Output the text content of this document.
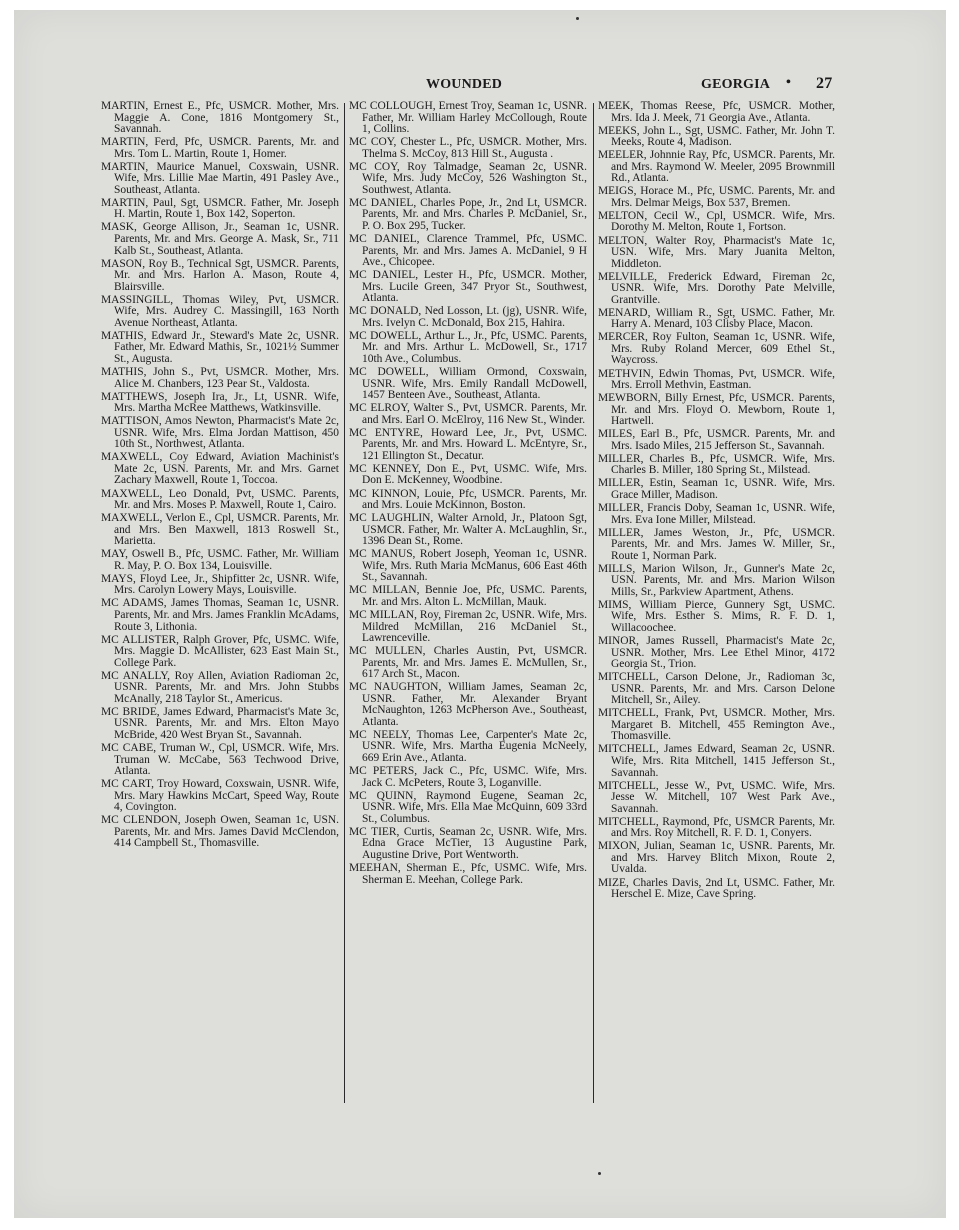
WOUNDED	GEORGIA • 27

MARTIN, Ernest E., Pfc, USMCR. Mother, Mrs. Maggie A. Cone, 1816 Montgomery St., Savannah.

MARTIN, Ferd, Pfc, USMCR. Parents, Mr. and Mrs. Tom L. Martin, Route 1, Homer.

MARTIN, Maurice Manuel, Coxswain, USNR. Wife, Mrs. Lillie Mae Martin, 491 Pasley Ave., Southeast, Atlanta.

MARTIN, Paul, Sgt, USMCR. Father, Mr. Joseph H. Martin, Route 1, Box 142, Soperton.

MASK, George Allison, Jr., Seaman 1c, USNR. Parents, Mr. and Mrs. George A. Mask, Sr., 711 Kalb St., Southeast, Atlanta.

MASON, Roy B., Technical Sgt, USMCR. Parents, Mr. and Mrs. Harlon A. Mason, Route 4, Blairsville.

MASSINGILL, Thomas Wiley, Pvt, USMCR. Wife, Mrs. Audrey C. Massingill, 163 North Avenue Northeast, Atlanta.

MATHIS, Edward Jr., Steward's Mate 2c, USNR. Father, Mr. Edward Mathis, Sr., 1021½ Summer St., Augusta.

MATHIS, John S., Pvt, USMCR. Mother, Mrs. Alice M. Chanbers, 123 Pear St., Valdosta.

MATTHEWS, Joseph Ira, Jr., Lt, USNR. Wife, Mrs. Martha McRee Matthews, Watkinsville.

MATTISON, Amos Newton, Pharmacist's Mate 2c, USNR. Wife, Mrs. Elma Jordan Mattison, 450 10th St., Northwest, Atlanta.

MAXWELL, Coy Edward, Aviation Machinist's Mate 2c, USN. Parents, Mr. and Mrs. Garnet Zachary Maxwell, Route 1, Toccoa.

MAXWELL, Leo Donald, Pvt, USMC. Parents, Mr. and Mrs. Moses P. Maxwell, Route 1, Cairo.

MAXWELL, Verlon E., Cpl, USMCR. Parents, Mr. and Mrs. Ben Maxwell, 1813 Roswell St., Marietta.

MAY, Oswell B., Pfc, USMC. Father, Mr. William R. May, P. O. Box 134, Louisville.

MAYS, Floyd Lee, Jr., Shipfitter 2c, USNR. Wife, Mrs. Carolyn Lowery Mays, Louisville.

MC ADAMS, James Thomas, Seaman 1c, USNR. Parents, Mr. and Mrs. James Franklin McAdams, Route 3, Lithonia.

MC ALLISTER, Ralph Grover, Pfc, USMC. Wife, Mrs. Maggie D. McAllister, 623 East Main St., College Park.

MC ANALLY, Roy Allen, Aviation Radioman 2c, USNR. Parents, Mr. and Mrs. John Stubbs McAnally, 218 Taylor St., Americus.

MC BRIDE, James Edward, Pharmacist's Mate 3c, USNR. Parents, Mr. and Mrs. Elton Mayo McBride, 420 West Bryan St., Savannah.

MC CABE, Truman W., Cpl, USMCR. Wife, Mrs. Truman W. McCabe, 563 Techwood Drive, Atlanta.

MC CART, Troy Howard, Coxswain, USNR. Wife, Mrs. Mary Hawkins McCart, Speed Way, Route 4, Covington.

MC CLENDON, Joseph Owen, Seaman 1c, USN. Parents, Mr. and Mrs. James David McClendon, 414 Campbell St., Thomasville.

MC COLLOUGH, Ernest Troy, Seaman 1c, USNR. Father, Mr. William Harley McCollough, Route 1, Collins.

MC COY, Chester L., Pfc, USMCR. Mother, Mrs. Thelma S. McCoy, 813 Hill St., Augusta .

MC COY, Roy Talmadge, Seaman 2c, USNR. Wife, Mrs. Judy McCoy, 526 Washington St., Southwest, Atlanta.

MC DANIEL, Charles Pope, Jr., 2nd Lt, USMCR. Parents, Mr. and Mrs. Charles P. McDaniel, Sr., P. O. Box 295, Tucker.

MC DANIEL, Clarence Trammel, Pfc, USMC. Parents, Mr. and Mrs. James A. McDaniel, 9 H Ave., Chicopee.

MC DANIEL, Lester H., Pfc, USMCR. Mother, Mrs. Lucile Green, 347 Pryor St., Southwest, Atlanta.

MC DONALD, Ned Losson, Lt. (jg), USNR. Wife, Mrs. Ivelyn C. McDonald, Box 215, Hahira.

MC DOWELL, Arthur L., Jr., Pfc, USMC. Parents, Mr. and Mrs. Arthur L. McDowell, Sr., 1717 10th Ave., Columbus.

MC DOWELL, William Ormond, Coxswain, USNR. Wife, Mrs. Emily Randall McDowell, 1457 Benteen Ave., Southeast, Atlanta.

MC ELROY, Walter S., Pvt, USMCR. Parents, Mr. and Mrs. Earl O. McElroy, 116 New St., Winder.

MC ENTYRE, Howard Lee, Jr., Pvt, USMC. Parents, Mr. and Mrs. Howard L. McEntyre, Sr., 121 Ellington St., Decatur.

MC KENNEY, Don E., Pvt, USMC. Wife, Mrs. Don E. McKenney, Woodbine.

MC KINNON, Louie, Pfc, USMCR. Parents, Mr. and Mrs. Louie McKinnon, Boston.

MC LAUGHLIN, Walter Arnold, Jr., Platoon Sgt, USMCR. Father, Mr. Walter A. McLaughlin, Sr., 1396 Dean St., Rome.

MC MANUS, Robert Joseph, Yeoman 1c, USNR. Wife, Mrs. Ruth Maria McManus, 606 East 46th St., Savannah.

MC MILLAN, Bennie Joe, Pfc, USMC. Parents, Mr. and Mrs. Alton L. McMillan, Mauk.

MC MILLAN, Roy, Fireman 2c, USNR. Wife, Mrs. Mildred McMillan, 216 McDaniel St., Lawrenceville.

MC MULLEN, Charles Austin, Pvt, USMCR. Parents, Mr. and Mrs. James E. McMullen, Sr., 617 Arch St., Macon.

MC NAUGHTON, William James, Seaman 2c, USNR. Father, Mr. Alexander Bryant McNaughton, 1263 McPherson Ave., Southeast, Atlanta.

MC NEELY, Thomas Lee, Carpenter's Mate 2c, USNR. Wife, Mrs. Martha Eugenia McNeely, 669 Erin Ave., Atlanta.

MC PETERS, Jack C., Pfc, USMC. Wife, Mrs. Jack C. McPeters, Route 3, Loganville.

MC QUINN, Raymond Eugene, Seaman 2c, USNR. Wife, Mrs. Ella Mae McQuinn, 609 33rd St., Columbus.

MC TIER, Curtis, Seaman 2c, USNR. Wife, Mrs. Edna Grace McTier, 13 Augustine Park, Augustine Drive, Port Wentworth.

MEEHAN, Sherman E., Pfc, USMC. Wife, Mrs. Sherman E. Meehan, College Park.

MEEK, Thomas Reese, Pfc, USMCR. Mother, Mrs. Ida J. Meek, 71 Georgia Ave., Atlanta.

MEEKS, John L., Sgt, USMC. Father, Mr. John T. Meeks, Route 4, Madison.

MEELER, Johnnie Ray, Pfc, USMCR. Parents, Mr. and Mrs. Raymond W. Meeler, 2095 Brownmill Rd., Atlanta.

MEIGS, Horace M., Pfc, USMC. Parents, Mr. and Mrs. Delmar Meigs, Box 537, Bremen.

MELTON, Cecil W., Cpl, USMCR. Wife, Mrs. Dorothy M. Melton, Route 1, Fortson.

MELTON, Walter Roy, Pharmacist's Mate 1c, USN. Wife, Mrs. Mary Juanita Melton, Middleton.

MELVILLE, Frederick Edward, Fireman 2c, USNR. Wife, Mrs. Dorothy Pate Melville, Grantville.

MENARD, William R., Sgt, USMC. Father, Mr. Harry A. Menard, 103 Clisby Place, Macon.

MERCER, Roy Fulton, Seaman 1c, USNR. Wife, Mrs. Ruby Roland Mercer, 609 Ethel St., Waycross.

METHVIN, Edwin Thomas, Pvt, USMCR. Wife, Mrs. Erroll Methvin, Eastman.

MEWBORN, Billy Ernest, Pfc, USMCR. Parents, Mr. and Mrs. Floyd O. Mewborn, Route 1, Hartwell.

MILES, Earl B., Pfc, USMCR. Parents, Mr. and Mrs. Isado Miles, 215 Jefferson St., Savannah.

MILLER, Charles B., Pfc, USMCR. Wife, Mrs. Charles B. Miller, 180 Spring St., Milstead.

MILLER, Estin, Seaman 1c, USNR. Wife, Mrs. Grace Miller, Madison.

MILLER, Francis Doby, Seaman 1c, USNR. Wife, Mrs. Eva Ione Miller, Milstead.

MILLER, James Weston, Jr., Pfc, USMCR. Parents, Mr. and Mrs. James W. Miller, Sr., Route 1, Norman Park.

MILLS, Marion Wilson, Jr., Gunner's Mate 2c, USN. Parents, Mr. and Mrs. Marion Wilson Mills, Sr., Parkview Apartment, Athens.

MIMS, William Pierce, Gunnery Sgt, USMC. Wife, Mrs. Esther S. Mims, R. F. D. 1, Willacoochee.

MINOR, James Russell, Pharmacist's Mate 2c, USNR. Mother, Mrs. Lee Ethel Minor, 4172 Georgia St., Trion.

MITCHELL, Carson Delone, Jr., Radioman 3c, USNR. Parents, Mr. and Mrs. Carson Delone Mitchell, Sr., Ailey.

MITCHELL, Frank, Pvt, USMCR. Mother, Mrs. Margaret B. Mitchell, 455 Remington Ave., Thomasville.

MITCHELL, James Edward, Seaman 2c, USNR. Wife, Mrs. Rita Mitchell, 1415 Jefferson St., Savannah.

MITCHELL, Jesse W., Pvt, USMC. Wife, Mrs. Jesse W. Mitchell, 107 West Park Ave., Savannah.

MITCHELL, Raymond, Pfc, USMCR Parents, Mr. and Mrs. Roy Mitchell, R. F. D. 1, Conyers.

MIXON, Julian, Seaman 1c, USNR. Parents, Mr. and Mrs. Harvey Blitch Mixon, Route 2, Uvalda.

MIZE, Charles Davis, 2nd Lt, USMC. Father, Mr. Herschel E. Mize, Cave Spring.
